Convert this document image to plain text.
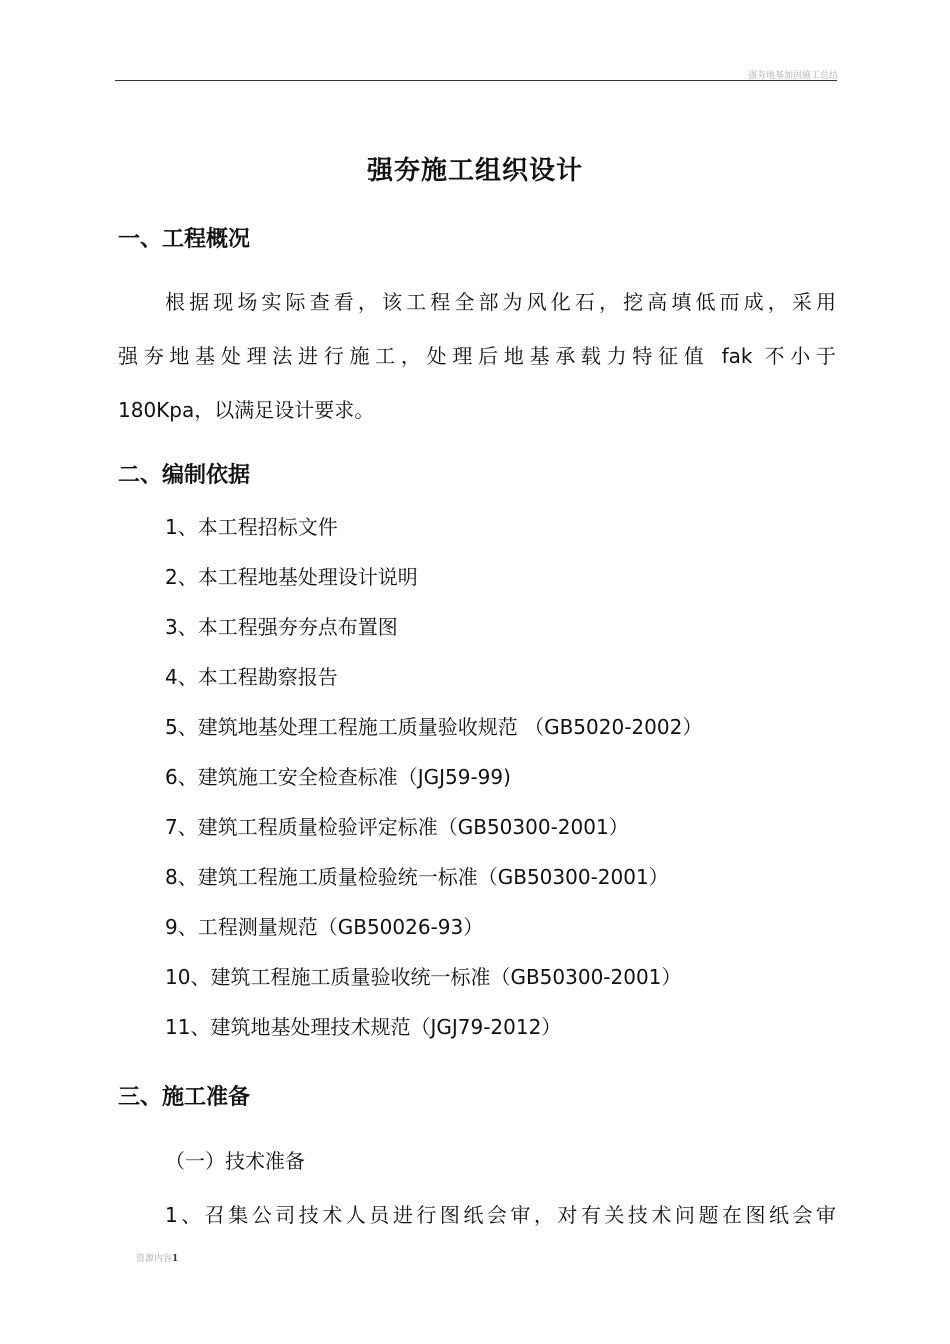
强夯地基加固施工总结
强夯施工组织设计
一、工程概况
根据现场实际查看，该工程全部为风化石，挖高填低而成，采用
强夯地基处理法进行施工，处理后地基承载力特征值 fak 不小于
180Kpa，以满足设计要求。
二、编制依据
1、本工程招标文件
2、本工程地基处理设计说明
3、本工程强夯夯点布置图
4、本工程勘察报告
5、建筑地基处理工程施工质量验收规范 （GB5020-2002）
6、建筑施工安全检查标准（JGJ59-99)
7、建筑工程质量检验评定标准（GB50300-2001）
8、建筑工程施工质量检验统一标准（GB50300-2001）
9、工程测量规范（GB50026-93）
10、建筑工程施工质量验收统一标准（GB50300-2001）
11、建筑地基处理技术规范（JGJ79-2012）
三、施工准备
（一）技术准备
1、召集公司技术人员进行图纸会审，对有关技术问题在图纸会审
资源内容1
